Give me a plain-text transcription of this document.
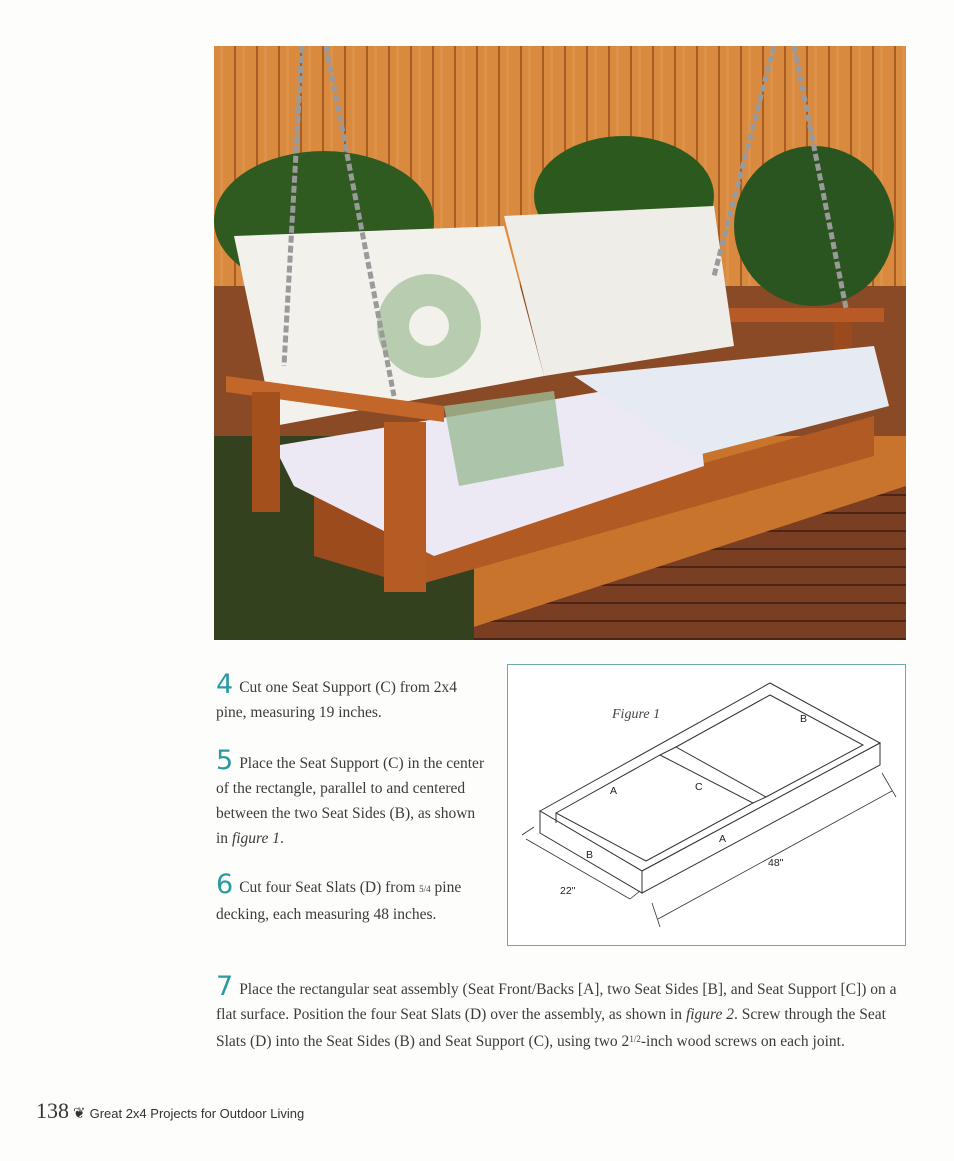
4 Cut one Seat Support (C) from 2x4 pine, measuring 19 inches.

5 Place the Seat Support (C) in the center of the rectangle, parallel to and centered between the two Seat Sides (B), as shown in figure 1.

6 Cut four Seat Slats (D) from 5/4 pine decking, each measuring 48 inches.

Figure 1	B
A	C
A
B
22"
48"

7 Place the rectangular seat assembly (Seat Front/Backs [A], two Seat Sides [B], and Seat Support [C]) on a flat surface. Position the four Seat Slats (D) over the assembly, as shown in figure 2. Screw through the Seat Slats (D) into the Seat Sides (B) and Seat Support (C), using two $2^{1/2}$-inch wood screws on each joint.

138 ❦ Great 2x4 Projects for Outdoor Living
